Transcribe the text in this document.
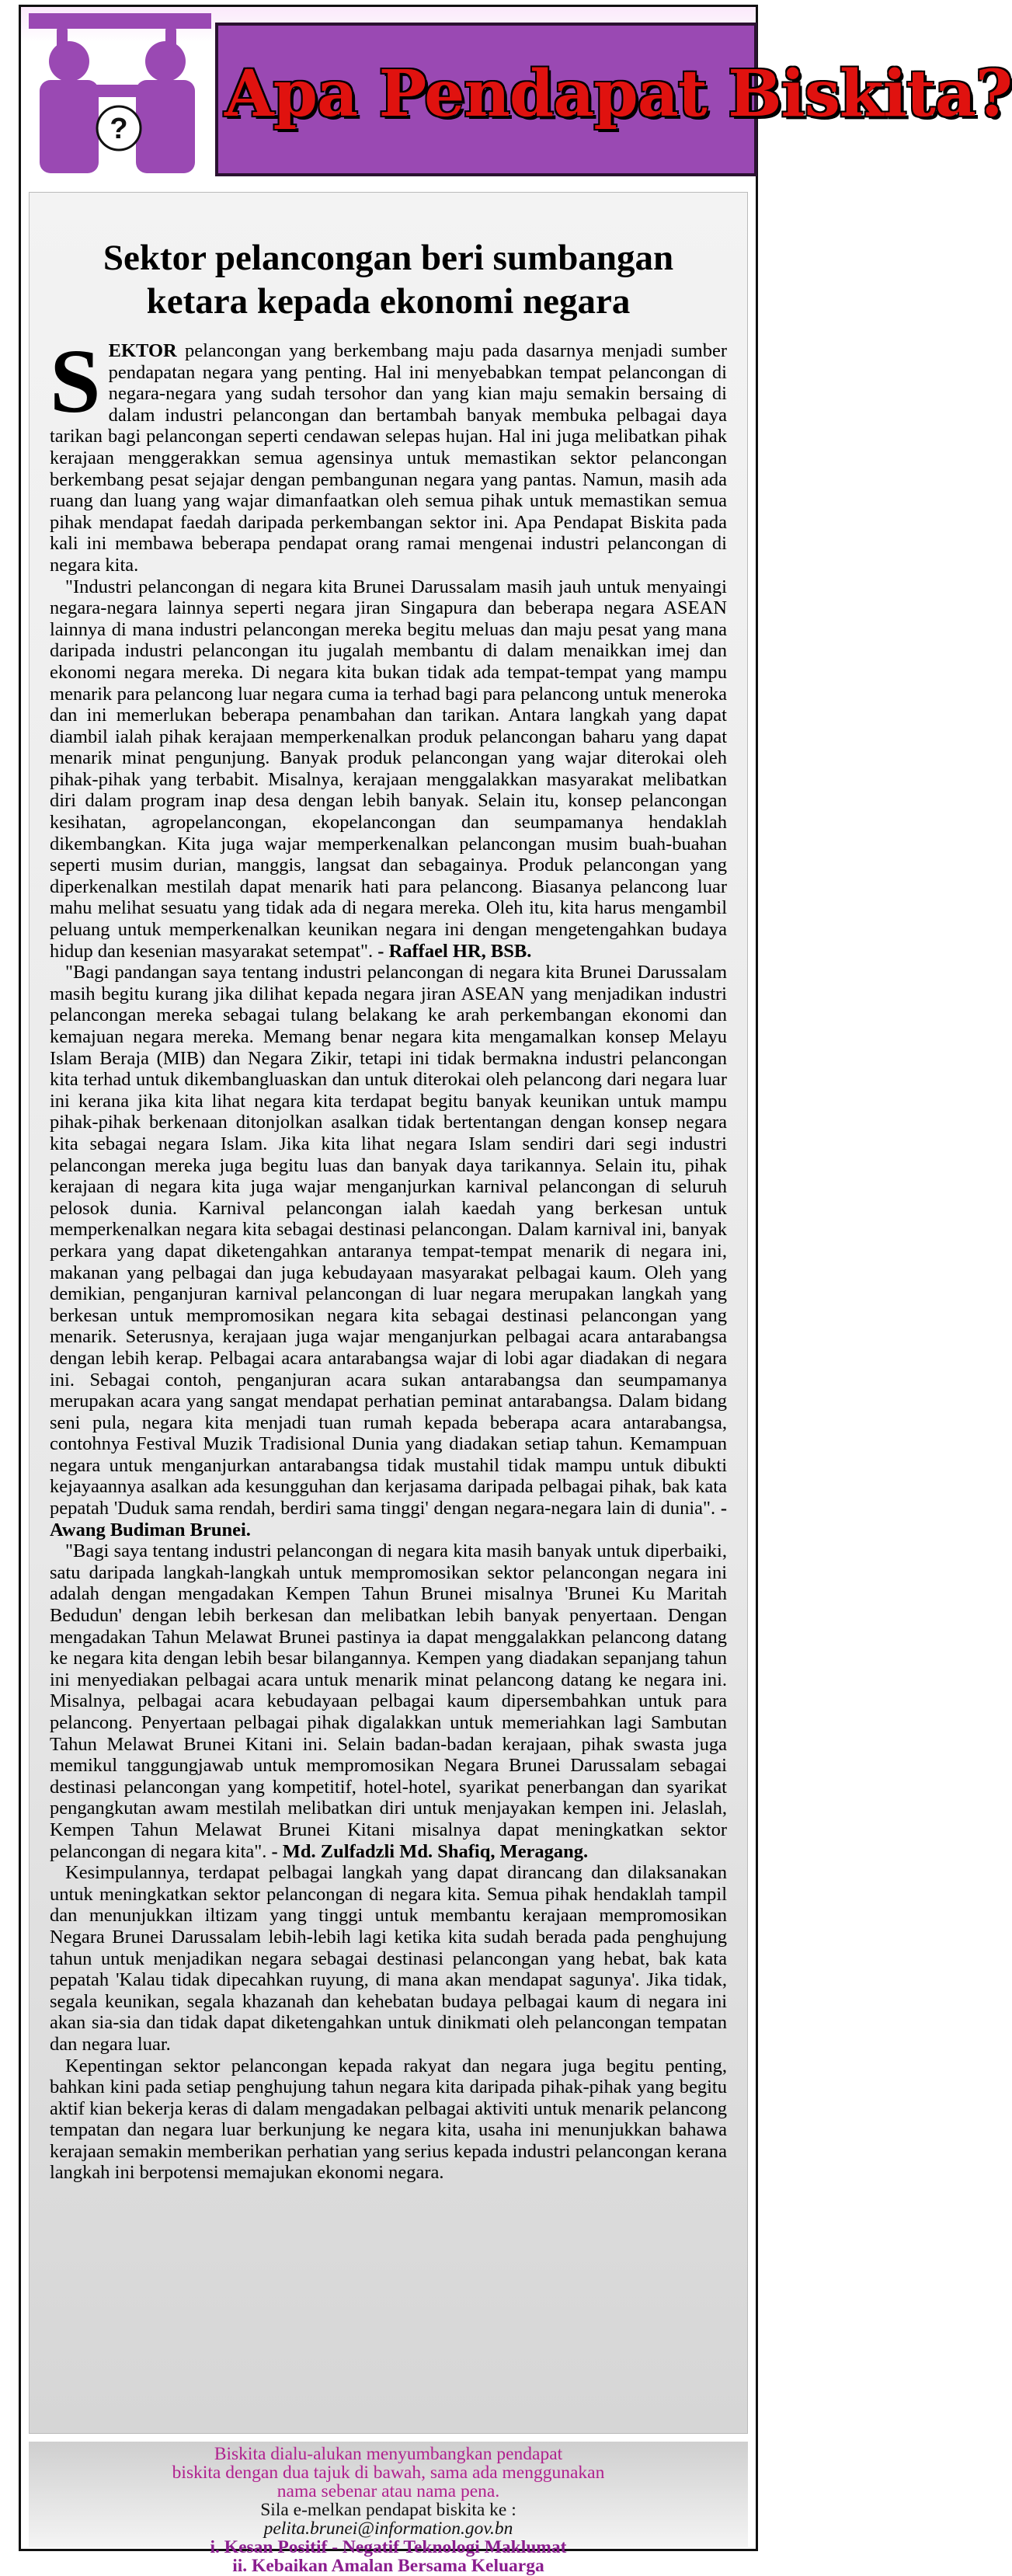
? Apa Pendapat Biskita?
Sektor pelancongan beri sumbangan
ketara kepada ekonomi negara

SEKTOR pelancongan yang berkembang maju pada dasarnya menjadi sumber pendapatan negara yang penting. Hal ini menyebabkan tempat pelancongan di negara-negara yang sudah tersohor dan yang kian maju semakin bersaing di dalam industri pelancongan dan bertambah banyak membuka pelbagai daya tarikan bagi pelancongan seperti cendawan selepas hujan. Hal ini juga melibatkan pihak kerajaan menggerakkan semua agensinya untuk memastikan sektor pelancongan berkembang pesat sejajar dengan pembangunan negara yang pantas. Namun, masih ada ruang dan luang yang wajar dimanfaatkan oleh semua pihak untuk memastikan semua pihak mendapat faedah daripada perkembangan sektor ini. Apa Pendapat Biskita pada kali ini membawa beberapa pendapat orang ramai mengenai industri pelancongan di negara kita.

"Industri pelancongan di negara kita Brunei Darussalam masih jauh untuk menyaingi negara-negara lainnya seperti negara jiran Singapura dan beberapa negara ASEAN lainnya di mana industri pelancongan mereka begitu meluas dan maju pesat yang mana daripada industri pelancongan itu jugalah membantu di dalam menaikkan imej dan ekonomi negara mereka. Di negara kita bukan tidak ada tempat-tempat yang mampu menarik para pelancong luar negara cuma ia terhad bagi para pelancong untuk meneroka dan ini memerlukan beberapa penambahan dan tarikan. Antara langkah yang dapat diambil ialah pihak kerajaan memperkenalkan produk pelancongan baharu yang dapat menarik minat pengunjung. Banyak produk pelancongan yang wajar diterokai oleh pihak-pihak yang terbabit. Misalnya, kerajaan menggalakkan masyarakat melibatkan diri dalam program inap desa dengan lebih banyak. Selain itu, konsep pelancongan kesihatan, agropelancongan, ekopelancongan dan seumpamanya hendaklah dikembangkan. Kita juga wajar memperkenalkan pelancongan musim buah-buahan seperti musim durian, manggis, langsat dan sebagainya. Produk pelancongan yang diperkenalkan mestilah dapat menarik hati para pelancong. Biasanya pelancong luar mahu melihat sesuatu yang tidak ada di negara mereka. Oleh itu, kita harus mengambil peluang untuk memperkenalkan keunikan negara ini dengan mengetengahkan budaya hidup dan kesenian masyarakat setempat". - Raffael HR, BSB.

"Bagi pandangan saya tentang industri pelancongan di negara kita Brunei Darussalam masih begitu kurang jika dilihat kepada negara jiran ASEAN yang menjadikan industri pelancongan mereka sebagai tulang belakang ke arah perkembangan ekonomi dan kemajuan negara mereka. Memang benar negara kita mengamalkan konsep Melayu Islam Beraja (MIB) dan Negara Zikir, tetapi ini tidak bermakna industri pelancongan kita terhad untuk dikembangluaskan dan untuk diterokai oleh pelancong dari negara luar ini kerana jika kita lihat negara kita terdapat begitu banyak keunikan untuk mampu pihak-pihak berkenaan ditonjolkan asalkan tidak bertentangan dengan konsep negara kita sebagai negara Islam. Jika kita lihat negara Islam sendiri dari segi industri pelancongan mereka juga begitu luas dan banyak daya tarikannya. Selain itu, pihak kerajaan di negara kita juga wajar menganjurkan karnival pelancongan di seluruh pelosok dunia. Karnival pelancongan ialah kaedah yang berkesan untuk memperkenalkan negara kita sebagai destinasi pelancongan. Dalam karnival ini, banyak perkara yang dapat diketengahkan antaranya tempat-tempat menarik di negara ini, makanan yang pelbagai dan juga kebudayaan masyarakat pelbagai kaum. Oleh yang demikian, penganjuran karnival pelancongan di luar negara merupakan langkah yang berkesan untuk mempromosikan negara kita sebagai destinasi pelancongan yang menarik. Seterusnya, kerajaan juga wajar menganjurkan pelbagai acara antarabangsa dengan lebih kerap. Pelbagai acara antarabangsa wajar di lobi agar diadakan di negara ini. Sebagai contoh, penganjuran acara sukan antarabangsa dan seumpamanya merupakan acara yang sangat mendapat perhatian peminat antarabangsa. Dalam bidang seni pula, negara kita menjadi tuan rumah kepada beberapa acara antarabangsa, contohnya Festival Muzik Tradisional Dunia yang diadakan setiap tahun. Kemampuan negara untuk menganjurkan antarabangsa tidak mustahil tidak mampu untuk dibukti kejayaannya asalkan ada kesungguhan dan kerjasama daripada pelbagai pihak, bak kata pepatah 'Duduk sama rendah, berdiri sama tinggi' dengan negara-negara lain di dunia". - Awang Budiman Brunei.

"Bagi saya tentang industri pelancongan di negara kita masih banyak untuk diperbaiki, satu daripada langkah-langkah untuk mempromosikan sektor pelancongan negara ini adalah dengan mengadakan Kempen Tahun Brunei misalnya 'Brunei Ku Maritah Bedudun' dengan lebih berkesan dan melibatkan lebih banyak penyertaan. Dengan mengadakan Tahun Melawat Brunei pastinya ia dapat menggalakkan pelancong datang ke negara kita dengan lebih besar bilangannya. Kempen yang diadakan sepanjang tahun ini menyediakan pelbagai acara untuk menarik minat pelancong datang ke negara ini. Misalnya, pelbagai acara kebudayaan pelbagai kaum dipersembahkan untuk para pelancong. Penyertaan pelbagai pihak digalakkan untuk memeriahkan lagi Sambutan Tahun Melawat Brunei Kitani ini. Selain badan-badan kerajaan, pihak swasta juga memikul tanggungjawab untuk mempromosikan Negara Brunei Darussalam sebagai destinasi pelancongan yang kompetitif, hotel-hotel, syarikat penerbangan dan syarikat pengangkutan awam mestilah melibatkan diri untuk menjayakan kempen ini. Jelaslah, Kempen Tahun Melawat Brunei Kitani misalnya dapat meningkatkan sektor pelancongan di negara kita". - Md. Zulfadzli Md. Shafiq, Meragang.

Kesimpulannya, terdapat pelbagai langkah yang dapat dirancang dan dilaksanakan untuk meningkatkan sektor pelancongan di negara kita. Semua pihak hendaklah tampil dan menunjukkan iltizam yang tinggi untuk membantu kerajaan mempromosikan Negara Brunei Darussalam lebih-lebih lagi ketika kita sudah berada pada penghujung tahun untuk menjadikan negara sebagai destinasi pelancongan yang hebat, bak kata pepatah 'Kalau tidak dipecahkan ruyung, di mana akan mendapat sagunya'. Jika tidak, segala keunikan, segala khazanah dan kehebatan budaya pelbagai kaum di negara ini akan sia-sia dan tidak dapat diketengahkan untuk dinikmati oleh pelancongan tempatan dan negara luar.

Kepentingan sektor pelancongan kepada rakyat dan negara juga begitu penting, bahkan kini pada setiap penghujung tahun negara kita daripada pihak-pihak yang begitu aktif kian bekerja keras di dalam mengadakan pelbagai aktiviti untuk menarik pelancong tempatan dan negara luar berkunjung ke negara kita, usaha ini menunjukkan bahawa kerajaan semakin memberikan perhatian yang serius kepada industri pelancongan kerana langkah ini berpotensi memajukan ekonomi negara.

Biskita dialu-alukan menyumbangkan pendapat
biskita dengan dua tajuk di bawah, sama ada menggunakan
nama sebenar atau nama pena.
Sila e-melkan pendapat biskita ke :
pelita.brunei@information.gov.bn
i. Kesan Positif - Negatif Teknologi Maklumat
ii. Kebaikan Amalan Bersama Keluarga
